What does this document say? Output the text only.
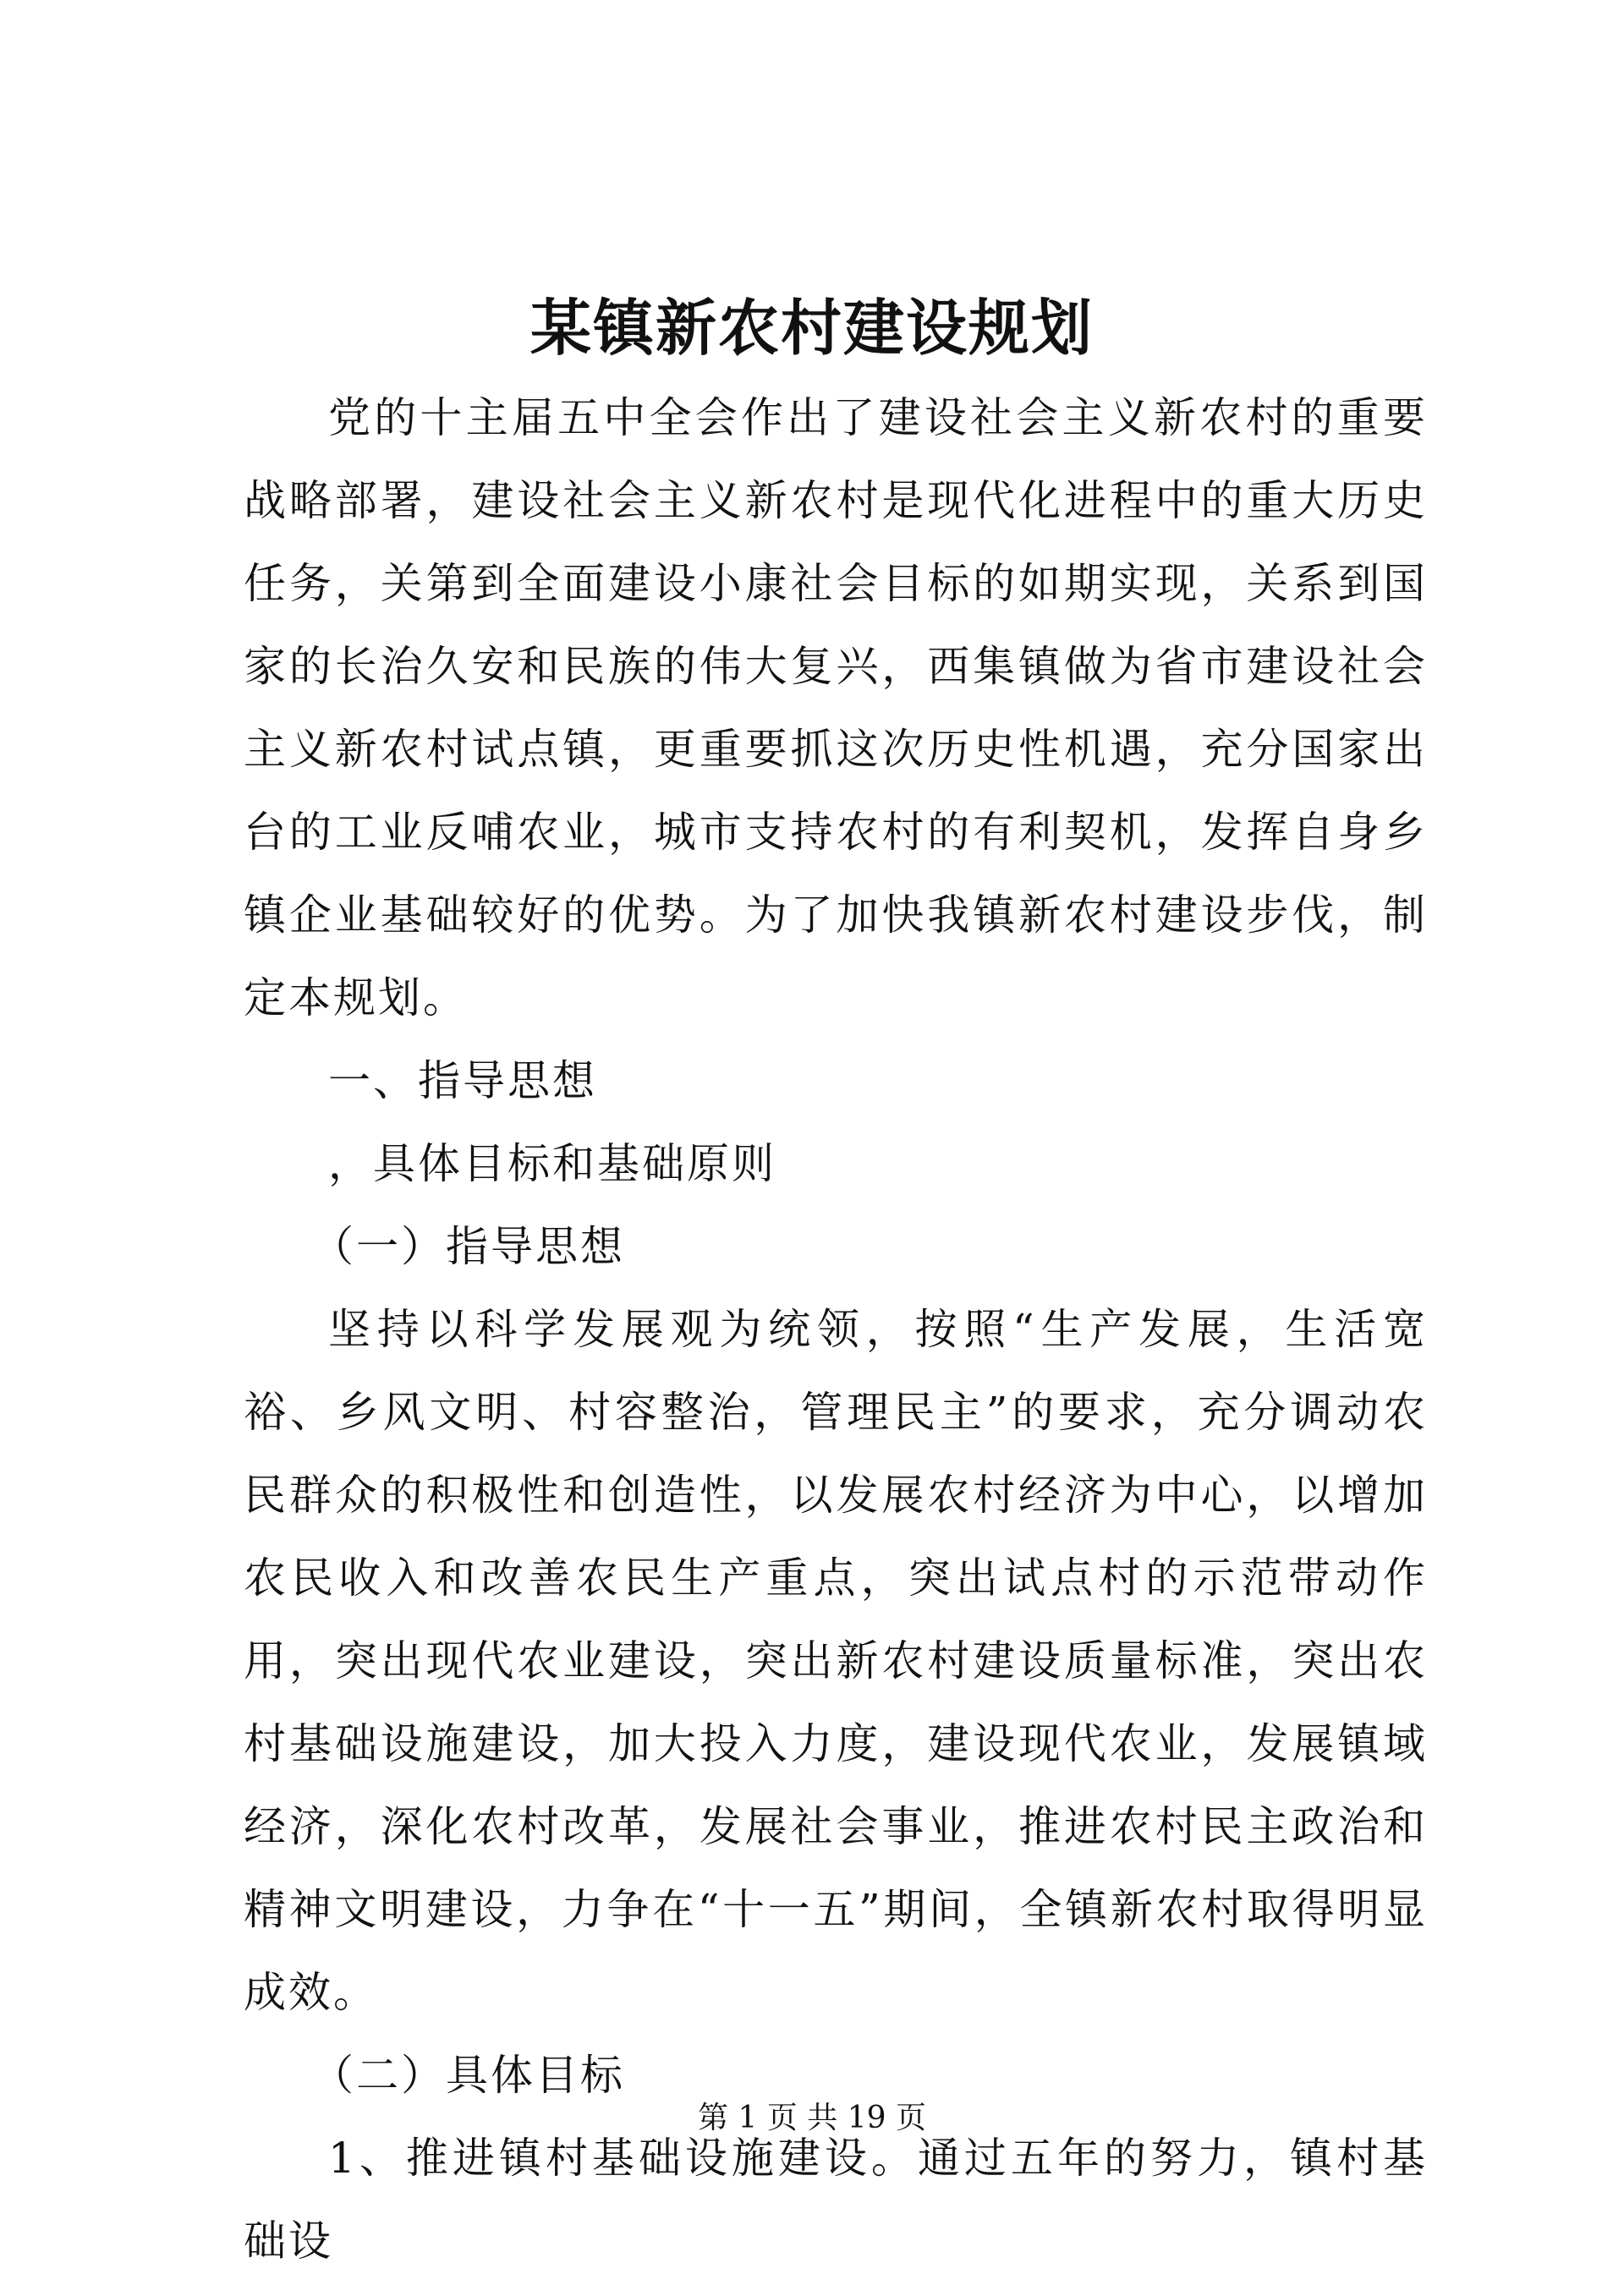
某镇新农村建设规划

党的十主届五中全会作出了建设社会主义新农村的重要战略部署，建设社会主义新农村是现代化进程中的重大历史任务，关第到全面建设小康社会目标的如期实现，关系到国家的长治久安和民族的伟大复兴，西集镇做为省市建设社会主义新农村试点镇，更重要抓这次历史性机遇，充分国家出台的工业反哺农业，城市支持农村的有利契机，发挥自身乡镇企业基础较好的优势。为了加快我镇新农村建设步伐，制定本规划。

一、指导思想

，具体目标和基础原则

（一）指导思想

坚持以科学发展观为统领，按照“生产发展，生活宽裕、乡风文明、村容整治，管理民主”的要求，充分调动农民群众的积极性和创造性，以发展农村经济为中心，以增加农民收入和改善农民生产重点，突出试点村的示范带动作用，突出现代农业建设，突出新农村建设质量标准，突出农村基础设施建设，加大投入力度，建设现代农业，发展镇域经济，深化农村改革，发展社会事业，推进农村民主政治和精神文明建设，力争在“十一五”期间，全镇新农村取得明显成效。

（二）具体目标

1、推进镇村基础设施建设。通过五年的努力，镇村基础设

第 1 页 共 19 页
